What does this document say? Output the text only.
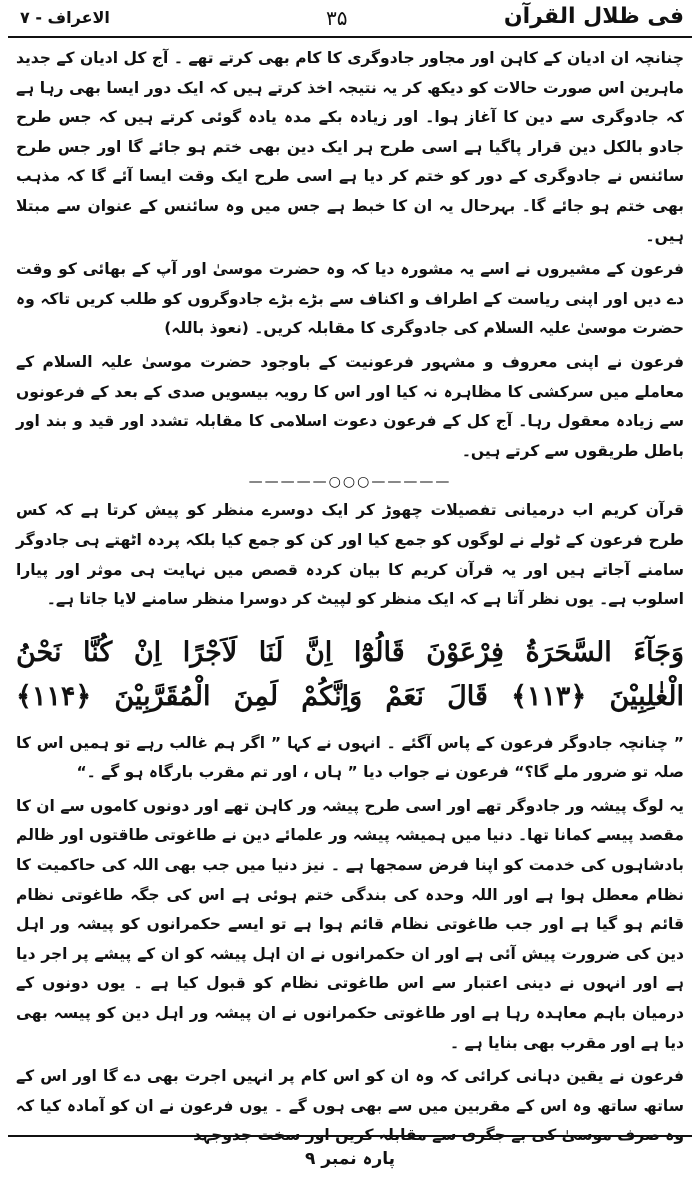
فی ظلال القرآن
۳۵
الاعراف - ۷

چنانچہ ان ادیان کے کاہن اور مجاور جادوگری کا کام بھی کرتے تھے ۔ آج کل ادیان کے جدید ماہرین اس صورت حالات کو دیکھ کر یہ نتیجہ اخذ کرتے ہیں کہ ایک دور ایسا بھی رہا ہے کہ جادوگری سے دین کا آغاز ہوا۔ اور زیادہ بکے مدہ یادہ گوئی کرتے ہیں کہ جس طرح جادو بالکل دین قرار پاگیا ہے اسی طرح ہر ایک دین بھی ختم ہو جائے گا اور جس طرح سائنس نے جادوگری کے دور کو ختم کر دیا ہے اسی طرح ایک وقت ایسا آئے گا کہ مذہب بھی ختم ہو جائے گا۔ بہرحال یہ ان کا خبط ہے جس میں وہ سائنس کے عنوان سے مبتلا ہیں۔

فرعون کے مشیروں نے اسے یہ مشورہ دیا کہ وہ حضرت موسیٰ اور آپ کے بھائی کو وقت دے دیں اور اپنی ریاست کے اطراف و اکناف سے بڑے بڑے جادوگروں کو طلب کریں تاکہ وہ حضرت موسیٰ علیہ السلام کی جادوگری کا مقابلہ کریں۔ (نعوذ باللہ)

فرعون نے اپنی معروف و مشہور فرعونیت کے باوجود حضرت موسیٰ علیہ السلام کے معاملے میں سرکشی کا مظاہرہ نہ کیا اور اس کا رویہ بیسویں صدی کے بعد کے فرعونوں سے زیادہ معقول رہا۔ آج کل کے فرعون دعوت اسلامی کا مقابلہ تشدد اور قید و بند اور باطل طریقوں سے کرتے ہیں۔

—————○○○—————

قرآن کریم اب درمیانی تفصیلات چھوڑ کر ایک دوسرے منظر کو پیش کرتا ہے کہ کس طرح فرعون کے ٹولے نے لوگوں کو جمع کیا اور کن کو جمع کیا بلکہ پردہ اٹھتے ہی جادوگر سامنے آجاتے ہیں اور یہ قرآن کریم کا بیان کردہ قصص میں نہایت ہی موثر اور پیارا اسلوب ہے۔ یوں نظر آتا ہے کہ ایک منظر کو لپیٹ کر دوسرا منظر سامنے لایا جاتا ہے۔

وَجَآءَ السَّحَرَةُ فِرْعَوْنَ قَالُوْٓا اِنَّ لَنَا لَاَجْرًا اِنْ كُنَّا نَحْنُ
الْغٰلِبِيْنَ ﴿۱۱۳﴾ قَالَ نَعَمْ وَاِنَّكُمْ لَمِنَ الْمُقَرَّبِيْنَ ﴿۱۱۴﴾

” چنانچہ جادوگر فرعون کے پاس آگئے ۔ انہوں نے کہا ” اگر ہم غالب رہے تو ہمیں اس کا صلہ تو ضرور ملے گا؟“ فرعون نے جواب دیا ” ہاں ، اور تم مقرب بارگاہ ہو گے ۔“

یہ لوگ پیشہ ور جادوگر تھے اور اسی طرح پیشہ ور کاہن تھے اور دونوں کاموں سے ان کا مقصد پیسے کمانا تھا۔ دنیا میں ہمیشہ پیشہ ور علمائے دین نے طاغوتی طاقتوں اور ظالم بادشاہوں کی خدمت کو اپنا فرض سمجھا ہے ۔ نیز دنیا میں جب بھی اللہ کی حاکمیت کا نظام معطل ہوا ہے اور اللہ وحدہ کی بندگی ختم ہوئی ہے اس کی جگہ طاغوتی نظام قائم ہو گیا ہے اور جب طاغوتی نظام قائم ہوا ہے تو ایسے حکمرانوں کو پیشہ ور اہل دین کی ضرورت پیش آئی ہے اور ان حکمرانوں نے ان اہل پیشہ کو ان کے پیشے پر اجر دیا ہے اور انہوں نے دینی اعتبار سے اس طاغوتی نظام کو قبول کیا ہے ۔ یوں دونوں کے درمیان باہم معاہدہ رہا ہے اور طاغوتی حکمرانوں نے ان پیشہ ور اہل دین کو پیسہ بھی دیا ہے اور مقرب بھی بنایا ہے ۔

فرعون نے یقین دہانی کرائی کہ وہ ان کو اس کام پر انہیں اجرت بھی دے گا اور اس کے ساتھ ساتھ وہ اس کے مقربین میں سے بھی ہوں گے ۔ یوں فرعون نے ان کو آمادہ کیا کہ وہ صرف موسیٰ کی بے جگری سے مقابلہ کریں اور سخت جدوجہد

پارہ نمبر ۹
